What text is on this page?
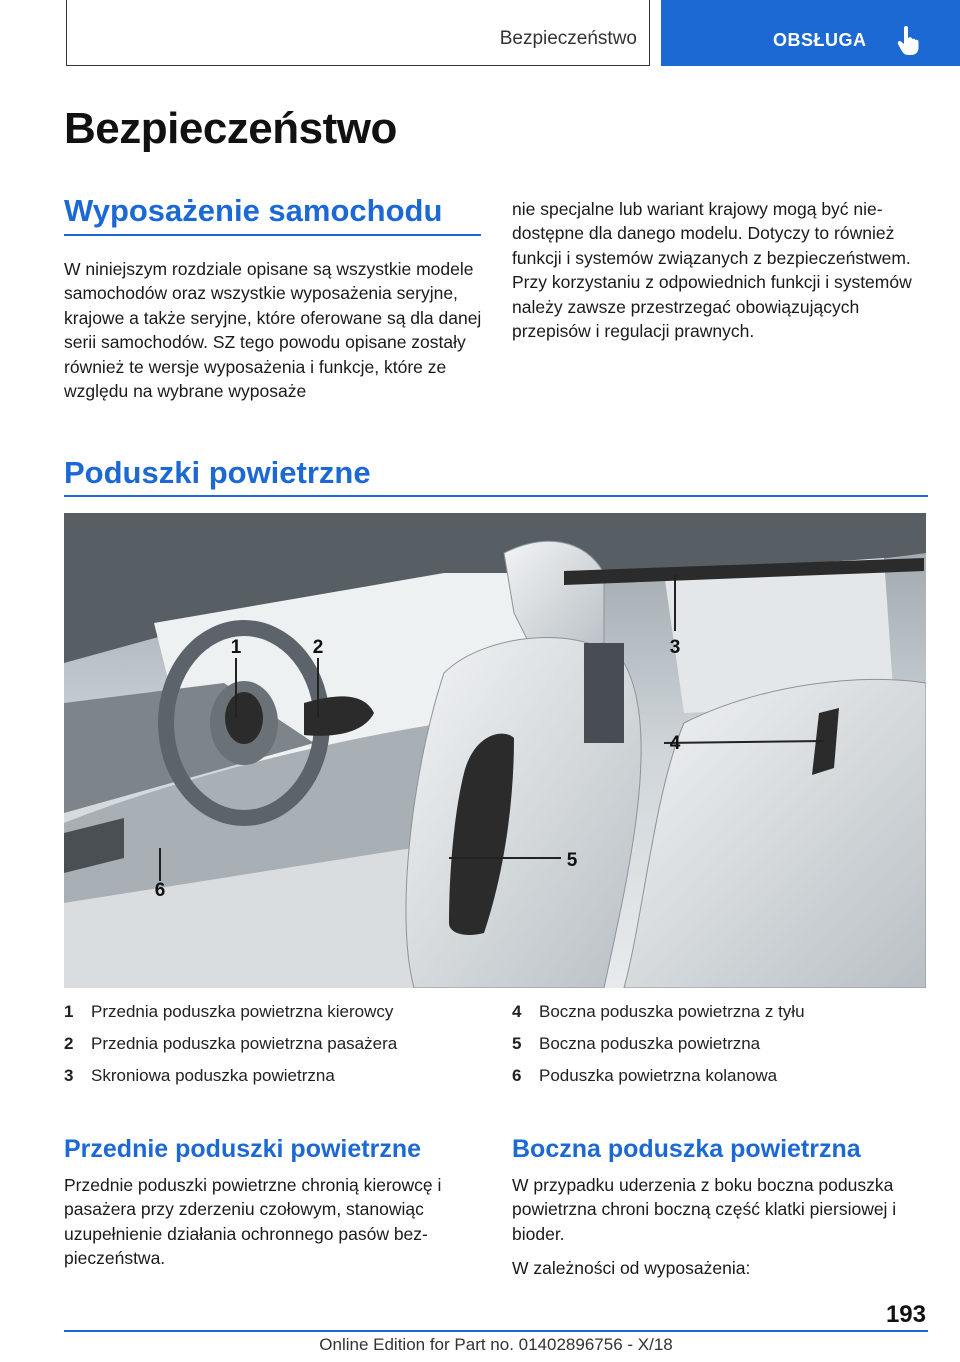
Bezpieczeństwo	OBSŁUGA
Bezpieczeństwo
Wyposażenie samochodu

W niniejszym rozdziale opisane są wszystkie modele samochodów oraz wszystkie wyposażenia seryjne, krajowe a także seryjne, które oferowane są dla danej serii samochodów. SZ tego powodu opisane zostały również te wersje wyposażenia i funkcje, które ze względu na wybrane wyposaże

nie specjalne lub wariant krajowy mogą być niedostępne dla danego modelu. Dotyczy to również funkcji i systemów związanych z bezpieczeństwem. Przy korzystaniu z odpowiednich funkcji i systemów należy zawsze przestrzegać obowiązujących przepisów i regulacji prawnych.

Poduszki powietrzne
1	2	3
4
5
6
1	Przednia poduszka powietrzna kierowcy
2	Przednia poduszka powietrzna pasażera
3	Skroniowa poduszka powietrzna
4	Boczna poduszka powietrzna z tyłu
5	Boczna poduszka powietrzna
6	Poduszka powietrzna kolanowa
Przednie poduszki powietrzne

Przednie poduszki powietrzne chronią kierowcę i pasażera przy zderzeniu czołowym, stanowiąc uzupełnienie działania ochronnego pasów bezpieczeństwa.

Boczna poduszka powietrzna

W przypadku uderzenia z boku boczna poduszka powietrzna chroni boczną część klatki piersiowej i bioder.

W zależności od wyposażenia:

193
Online Edition for Part no. 01402896756 - X/18
